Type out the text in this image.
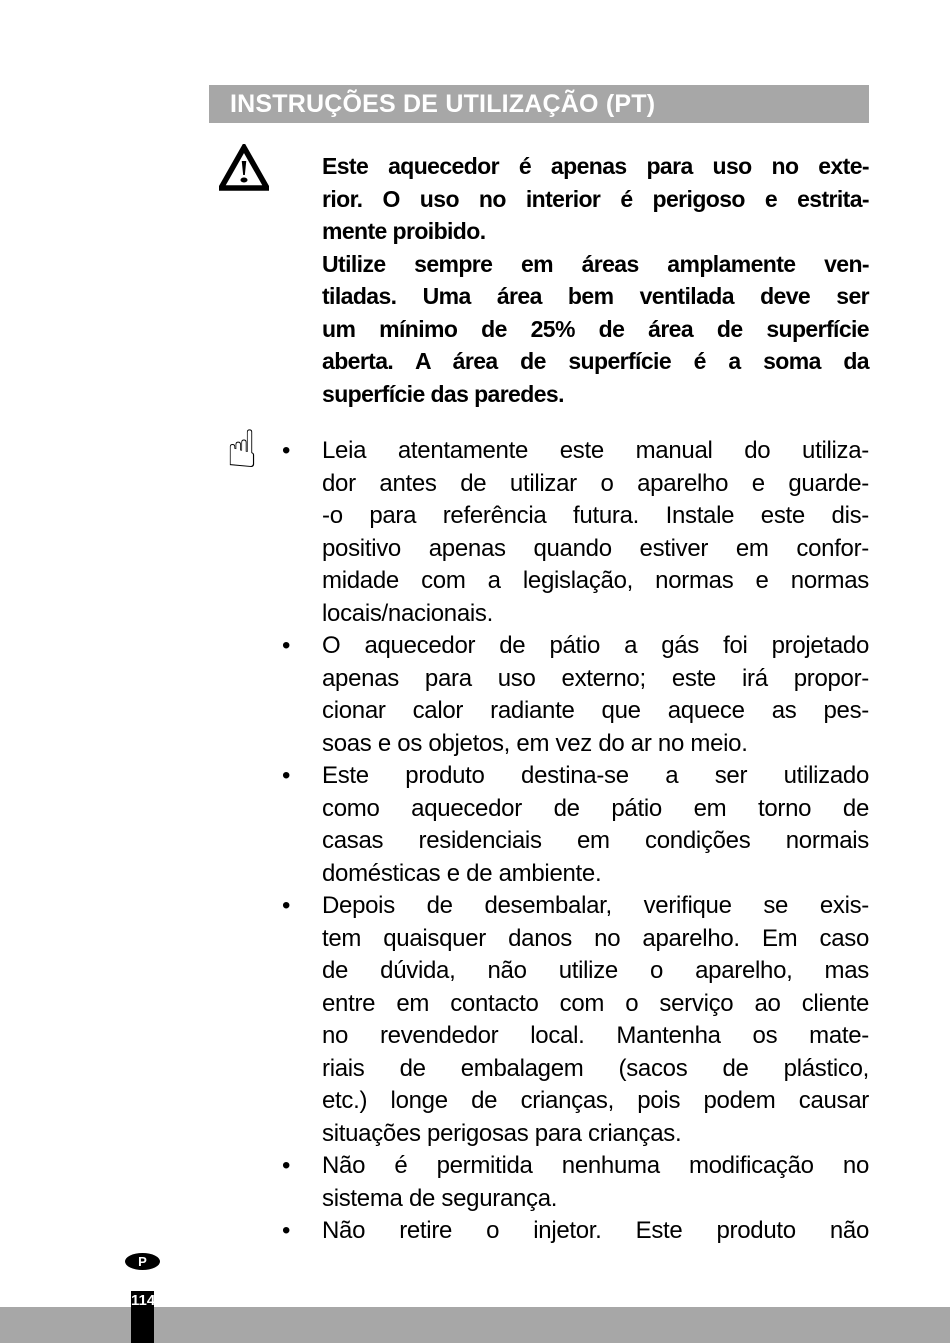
INSTRUÇÕES DE UTILIZAÇÃO (PT)
☝
Este aquecedor é apenas para uso no exte-
rior. O uso no interior é perigoso e estrita-
mente proibido.
Utilize sempre em áreas amplamente ven-
tiladas. Uma área bem ventilada deve ser
um mínimo de 25% de área de superfície
aberta. A área de superfície é a soma da
superfície das paredes.
• Leia atentamente este manual do utiliza-
dor antes de utilizar o aparelho e guarde-
-o para referência futura. Instale este dis-
positivo apenas quando estiver em confor-
midade com a legislação, normas e normas
locais/nacionais.
• O aquecedor de pátio a gás foi projetado
apenas para uso externo; este irá propor-
cionar calor radiante que aquece as pes-
soas e os objetos, em vez do ar no meio.
• Este produto destina-se a ser utilizado
como aquecedor de pátio em torno de
casas residenciais em condições normais
domésticas e de ambiente.
• Depois de desembalar, verifique se exis-
tem quaisquer danos no aparelho. Em caso
de dúvida, não utilize o aparelho, mas
entre em contacto com o serviço ao cliente
no revendedor local. Mantenha os mate-
riais de embalagem (sacos de plástico,
etc.) longe de crianças, pois podem causar
situações perigosas para crianças.
• Não é permitida nenhuma modificação no
sistema de segurança.
• Não retire o injetor. Este produto não
P
114
